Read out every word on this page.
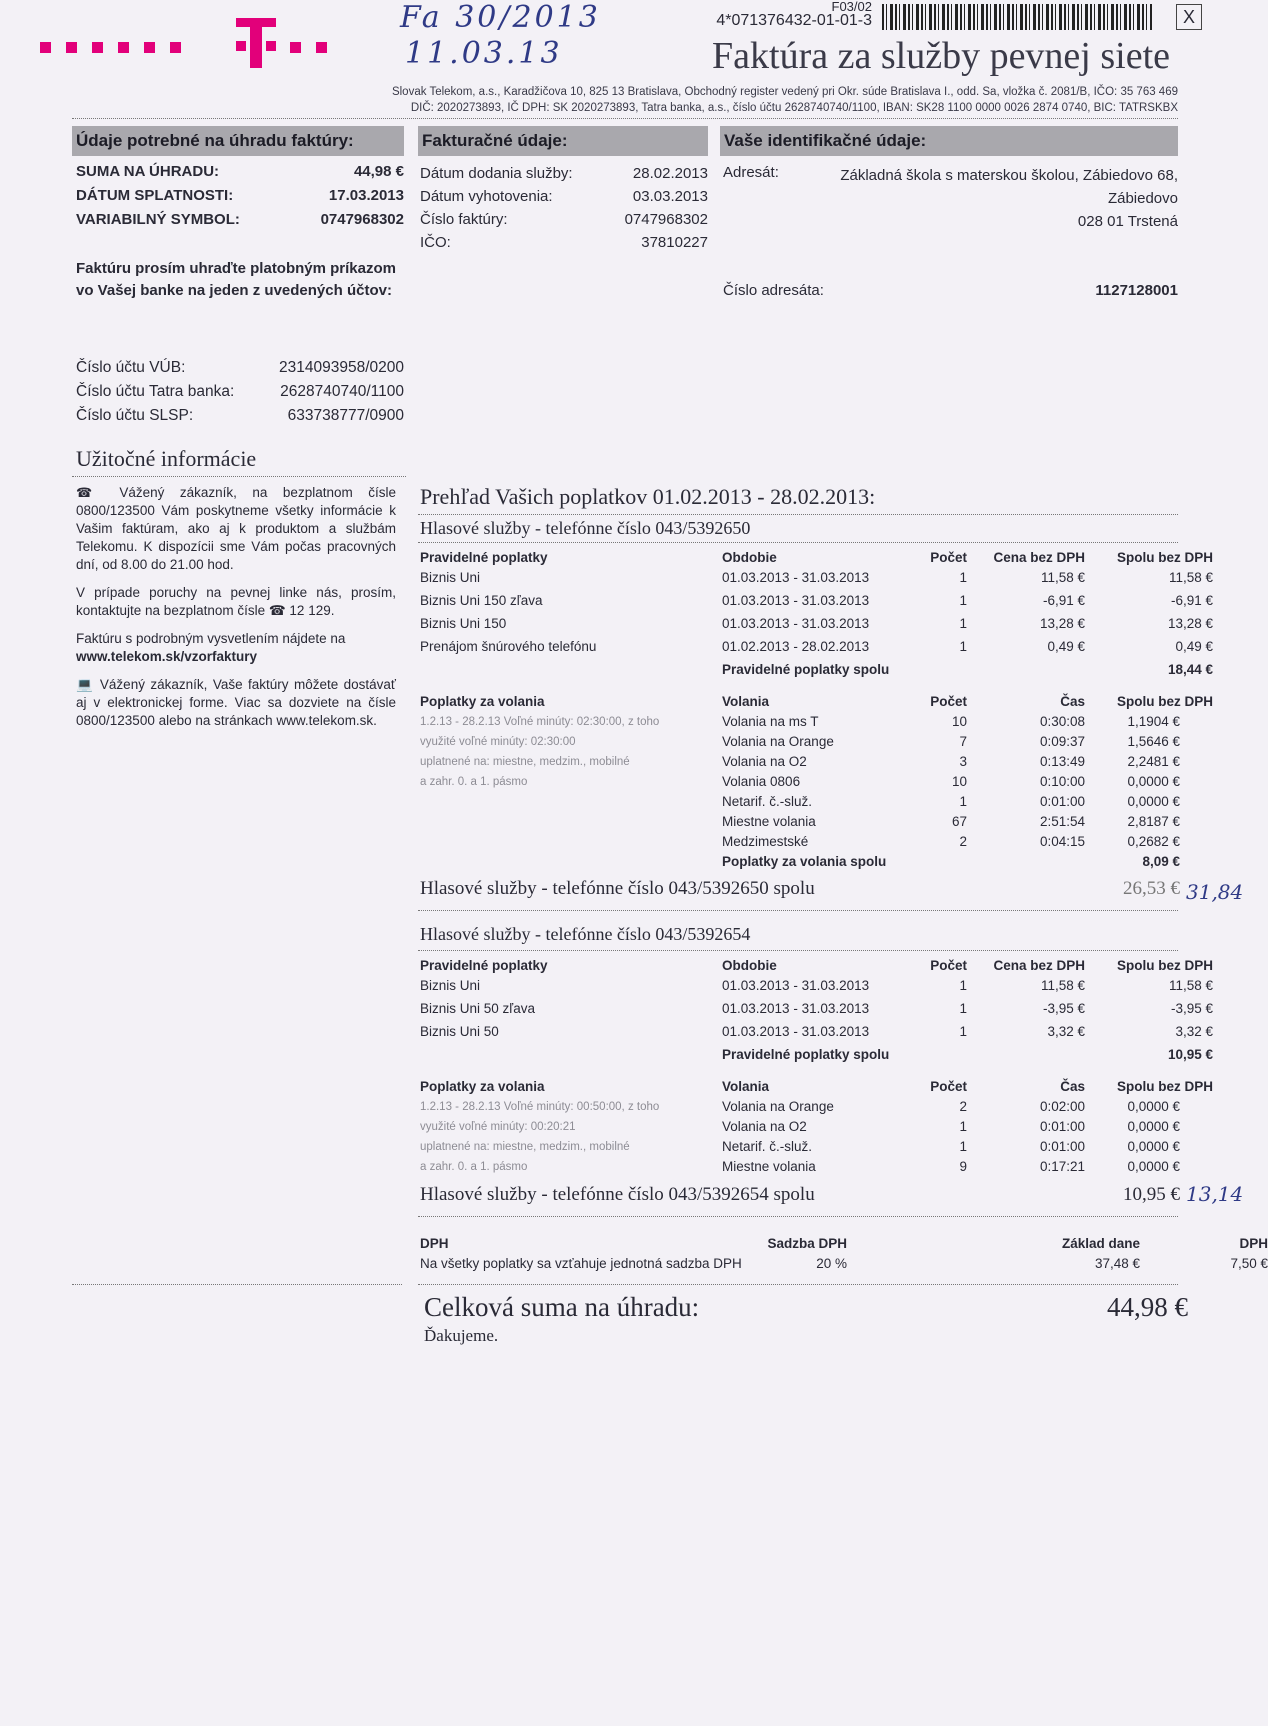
Fa 30/2013
11.03.13
F03/02
4*071376432-01-01-3	X
Faktúra za služby pevnej siete
Slovak Telekom, a.s., Karadžičova 10, 825 13 Bratislava, Obchodný register vedený pri Okr. súde Bratislava I., odd. Sa, vložka č. 2081/B, IČO: 35 763 469
DIČ: 2020273893, IČ DPH: SK 2020273893, Tatra banka, a.s., číslo účtu 2628740740/1100, IBAN: SK28 1100 0000 0026 2874 0740, BIC: TATRSKBX
Údaje potrebné na úhradu faktúry:
SUMA NA ÚHRADU:	44,98 €
DÁTUM SPLATNOSTI:	17.03.2013
VARIABILNÝ SYMBOL:	0747968302
Faktúru prosím uhraďte platobným príkazom vo Vašej banke na jeden z uvedených účtov:
Číslo účtu VÚB:	2314093958/0200
Číslo účtu Tatra banka:	2628740740/1100
Číslo účtu SLSP:	633738777/0900
Užitočné informácie

☎ Vážený zákazník, na bezplatnom čísle 0800/123500 Vám poskytneme všetky informácie k Vašim faktúram, ako aj k produktom a službám Telekomu. K dispozícii sme Vám počas pracovných dní, od 8.00 do 21.00 hod.

V prípade poruchy na pevnej linke nás, prosím, kontaktujte na bezplatnom čísle ☎ 12 129.

Faktúru s podrobným vysvetlením nájdete na
www.telekom.sk/vzorfaktury

💻 Vážený zákazník, Vaše faktúry môžete dostávať aj v elektronickej forme. Viac sa dozviete na čísle 0800/123500 alebo na stránkach www.telekom.sk.

Fakturačné údaje:
Dátum dodania služby:	28.02.2013
Dátum vyhotovenia:	03.03.2013
Číslo faktúry:	0747968302
IČO:	37810227
Vaše identifikačné údaje:
Adresát:	Základná škola s materskou školou, Zábiedovo 68,
Zábiedovo
028 01 Trstená
Číslo adresáta:	1127128001
Prehľad Vašich poplatkov 01.02.2013 - 28.02.2013:
Hlasové služby - telefónne číslo 043/5392650
Pravidelné poplatky	Obdobie	Počet	Cena bez DPH	Spolu bez DPH
Biznis Uni	01.03.2013 - 31.03.2013	1	11,58 €	11,58 €
Biznis Uni 150 zľava	01.03.2013 - 31.03.2013	1	-6,91 €	-6,91 €
Biznis Uni 150	01.03.2013 - 31.03.2013	1	13,28 €	13,28 €
Prenájom šnúrového telefónu	01.02.2013 - 28.02.2013	1	0,49 €	0,49 €
Pravidelné poplatky spolu	18,44 €
Poplatky za volania	Volania	Počet	Čas	Spolu bez DPH
1.2.13 - 28.2.13 Voľné minúty: 02:30:00, z toho
využité voľné minúty: 02:30:00
uplatnené na: miestne, medzim., mobilné
a zahr. 0. a 1. pásmo
Volania na ms T	10	0:30:08	1,1904 €
Volania na Orange	7	0:09:37	1,5646 €
Volania na O2	3	0:13:49	2,2481 €
Volania 0806	10	0:10:00	0,0000 €
Netarif. č.-služ.	1	0:01:00	0,0000 €
Miestne volania	67	2:51:54	2,8187 €
Medzimestské	2	0:04:15	0,2682 €
Poplatky za volania spolu	8,09 €
Hlasové služby - telefónne číslo 043/5392650 spolu	26,53 € 31,84
Hlasové služby - telefónne číslo 043/5392654
Pravidelné poplatky	Obdobie	Počet	Cena bez DPH	Spolu bez DPH
Biznis Uni	01.03.2013 - 31.03.2013	1	11,58 €	11,58 €
Biznis Uni 50 zľava	01.03.2013 - 31.03.2013	1	-3,95 €	-3,95 €
Biznis Uni 50	01.03.2013 - 31.03.2013	1	3,32 €	3,32 €
Pravidelné poplatky spolu	10,95 €
Poplatky za volania	Volania	Počet	Čas	Spolu bez DPH
1.2.13 - 28.2.13 Voľné minúty: 00:50:00, z toho
využité voľné minúty: 00:20:21
uplatnené na: miestne, medzim., mobilné
a zahr. 0. a 1. pásmo
Volania na Orange	2	0:02:00	0,0000 €
Volania na O2	1	0:01:00	0,0000 €
Netarif. č.-služ.	1	0:01:00	0,0000 €
Miestne volania	9	0:17:21	0,0000 €
Hlasové služby - telefónne číslo 043/5392654 spolu	10,95 € 13,14
DPH	Sadzba DPH	Základ dane	DPH
Na všetky poplatky sa vzťahuje jednotná sadzba DPH	20 %	37,48 €	7,50 €
Celková suma na úhradu:	44,98 €
Ďakujeme.
